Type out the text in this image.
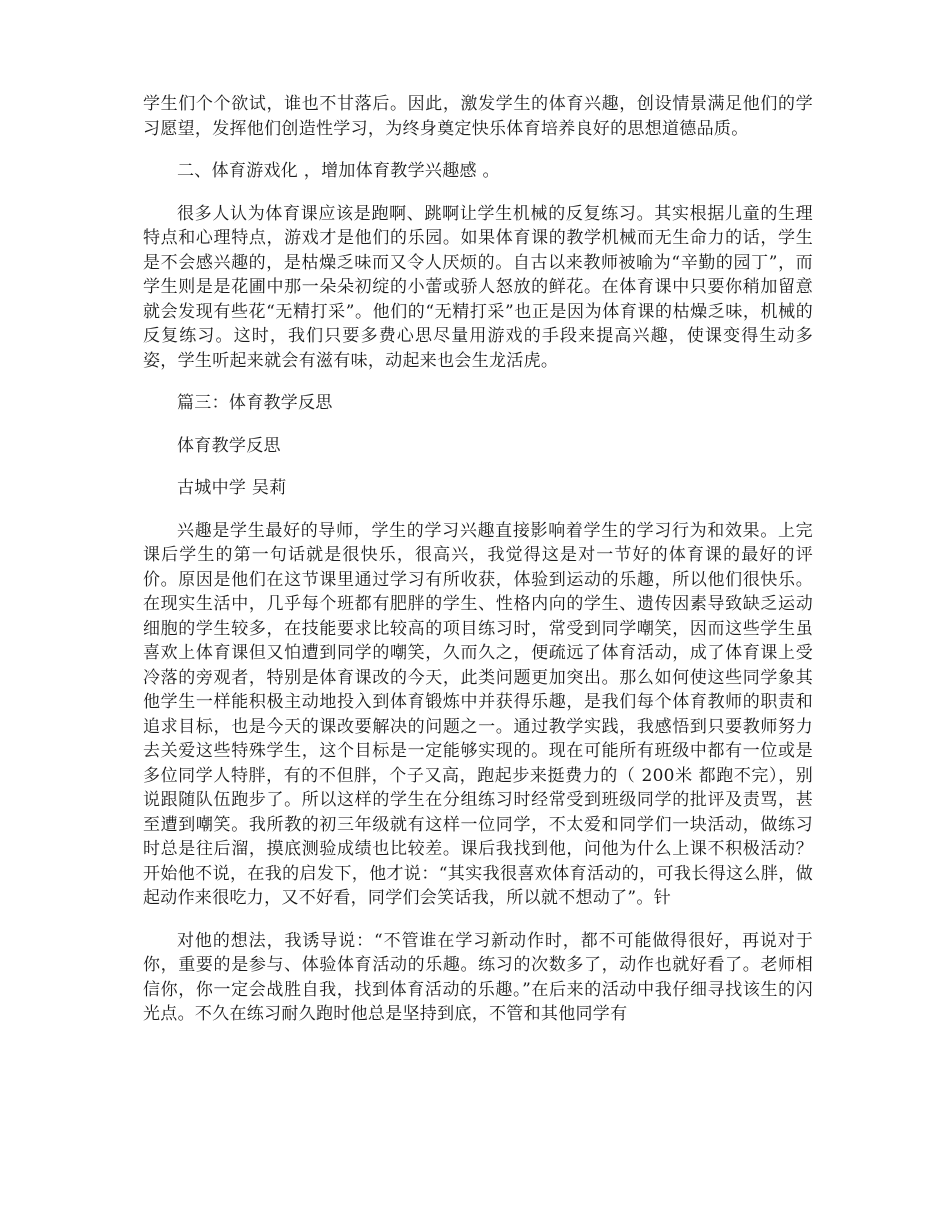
学生们个个欲试，谁也不甘落后。因此，激发学生的体育兴趣，创设情景满足他们的学习愿望，发挥他们创造性学习，为终身奠定快乐体育培养良好的思想道德品质。

二、体育游戏化 ，增加体育教学兴趣感 。

很多人认为体育课应该是跑啊、跳啊让学生机械的反复练习。其实根据儿童的生理特点和心理特点，游戏才是他们的乐园。如果体育课的教学机械而无生命力的话，学生是不会感兴趣的，是枯燥乏味而又令人厌烦的。自古以来教师被喻为“辛勤的园丁”，而学生则是是花圃中那一朵朵初绽的小蕾或骄人怒放的鲜花。在体育课中只要你稍加留意就会发现有些花“无精打采”。他们的“无精打采”也正是因为体育课的枯燥乏味，机械的反复练习。这时，我们只要多费心思尽量用游戏的手段来提高兴趣，使课变得生动多姿，学生听起来就会有滋有味，动起来也会生龙活虎。

篇三：体育教学反思

体育教学反思

古城中学 吴莉

兴趣是学生最好的导师，学生的学习兴趣直接影响着学生的学习行为和效果。上完课后学生的第一句话就是很快乐，很高兴，我觉得这是对一节好的体育课的最好的评价。原因是他们在这节课里通过学习有所收获，体验到运动的乐趣，所以他们很快乐。在现实生活中，几乎每个班都有肥胖的学生、性格内向的学生、遗传因素导致缺乏运动细胞的学生较多，在技能要求比较高的项目练习时，常受到同学嘲笑，因而这些学生虽喜欢上体育课但又怕遭到同学的嘲笑，久而久之，便疏远了体育活动，成了体育课上受冷落的旁观者，特别是体育课改的今天，此类问题更加突出。那么如何使这些同学象其他学生一样能积极主动地投入到体育锻炼中并获得乐趣，是我们每个体育教师的职责和追求目标，也是今天的课改要解决的问题之一。通过教学实践，我感悟到只要教师努力去关爱这些特殊学生，这个目标是一定能够实现的。现在可能所有班级中都有一位或是多位同学人特胖，有的不但胖，个子又高，跑起步来挺费力的（ 200米 都跑不完），别说跟随队伍跑步了。所以这样的学生在分组练习时经常受到班级同学的批评及责骂，甚至遭到嘲笑。我所教的初三年级就有这样一位同学，不太爱和同学们一块活动，做练习时总是往后溜，摸底测验成绩也比较差。课后我找到他，问他为什么上课不积极活动？开始他不说，在我的启发下，他才说：“其实我很喜欢体育活动的，可我长得这么胖，做起动作来很吃力，又不好看，同学们会笑话我，所以就不想动了”。针

对他的想法，我诱导说：“不管谁在学习新动作时，都不可能做得很好，再说对于你，重要的是参与、体验体育活动的乐趣。练习的次数多了，动作也就好看了。老师相信你，你一定会战胜自我，找到体育活动的乐趣。”在后来的活动中我仔细寻找该生的闪光点。不久在练习耐久跑时他总是坚持到底，不管和其他同学有
